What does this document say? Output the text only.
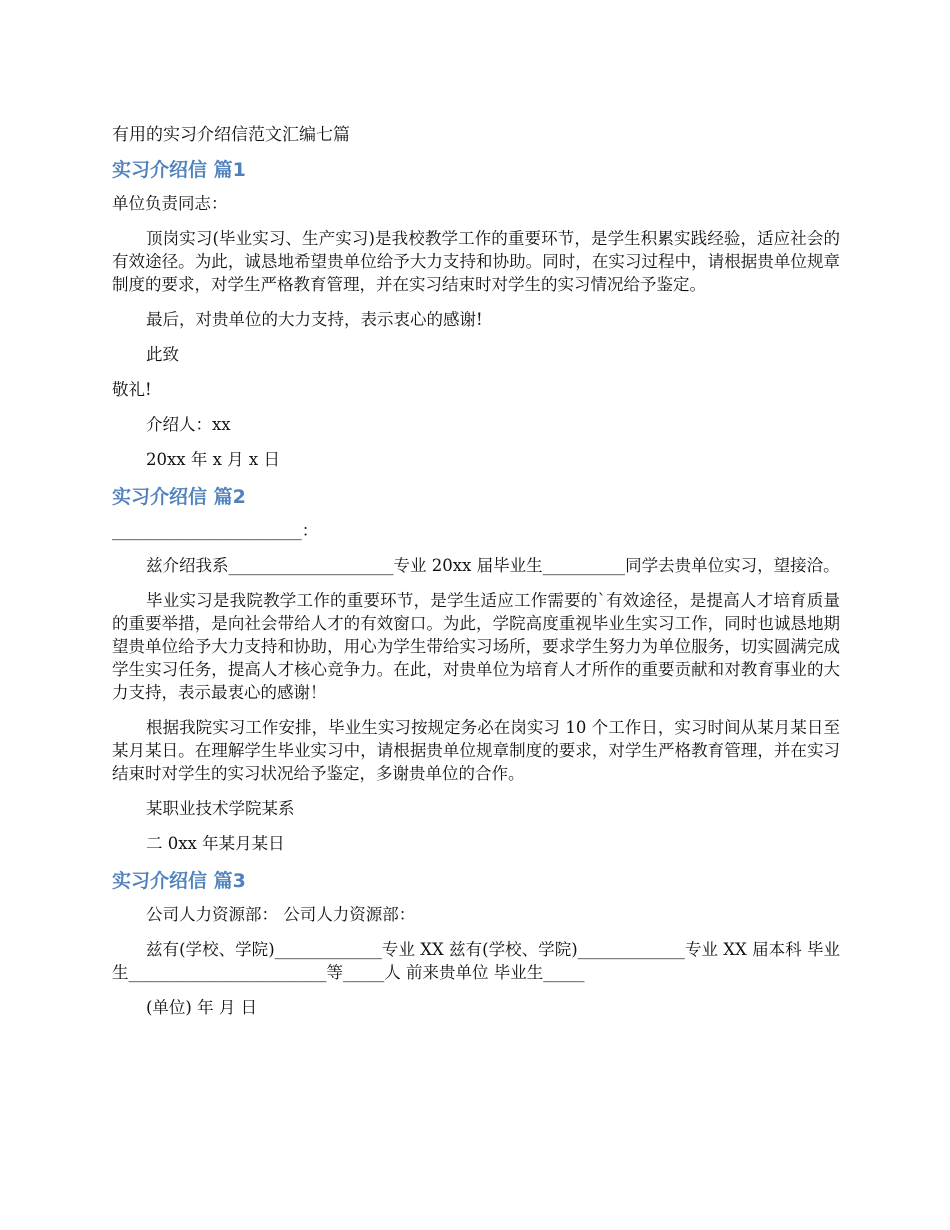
有用的实习介绍信范文汇编七篇
实习介绍信 篇1

单位负责同志：

顶岗实习(毕业实习、生产实习)是我校教学工作的重要环节，是学生积累实践经验，适应社会的有效途径。为此，诚恳地希望贵单位给予大力支持和协助。同时，在实习过程中，请根据贵单位规章制度的要求，对学生严格教育管理，并在实习结束时对学生的实习情况给予鉴定。

最后，对贵单位的大力支持，表示衷心的感谢!

此致

敬礼!

介绍人：xx

20xx 年 x 月 x 日

实习介绍信 篇2

_______________________：

兹介绍我系____________________专业 20xx 届毕业生__________同学去贵单位实习，望接洽。

毕业实习是我院教学工作的重要环节，是学生适应工作需要的`有效途径，是提高人才培育质量的重要举措，是向社会带给人才的有效窗口。为此，学院高度重视毕业生实习工作，同时也诚恳地期望贵单位给予大力支持和协助，用心为学生带给实习场所，要求学生努力为单位服务，切实圆满完成学生实习任务，提高人才核心竞争力。在此，对贵单位为培育人才所作的重要贡献和对教育事业的大力支持，表示最衷心的感谢！

根据我院实习工作安排，毕业生实习按规定务必在岗实习 10 个工作日，实习时间从某月某日至某月某日。在理解学生毕业实习中，请根据贵单位规章制度的要求，对学生严格教育管理，并在实习结束时对学生的实习状况给予鉴定，多谢贵单位的合作。

某职业技术学院某系

二 0xx 年某月某日

实习介绍信 篇3

公司人力资源部： 公司人力资源部：

兹有(学校、学院)_____________专业 XX 兹有(学校、学院)_____________专业 XX 届本科 毕业生________________________等_____人 前来贵单位 毕业生_____

(单位) 年 月 日
